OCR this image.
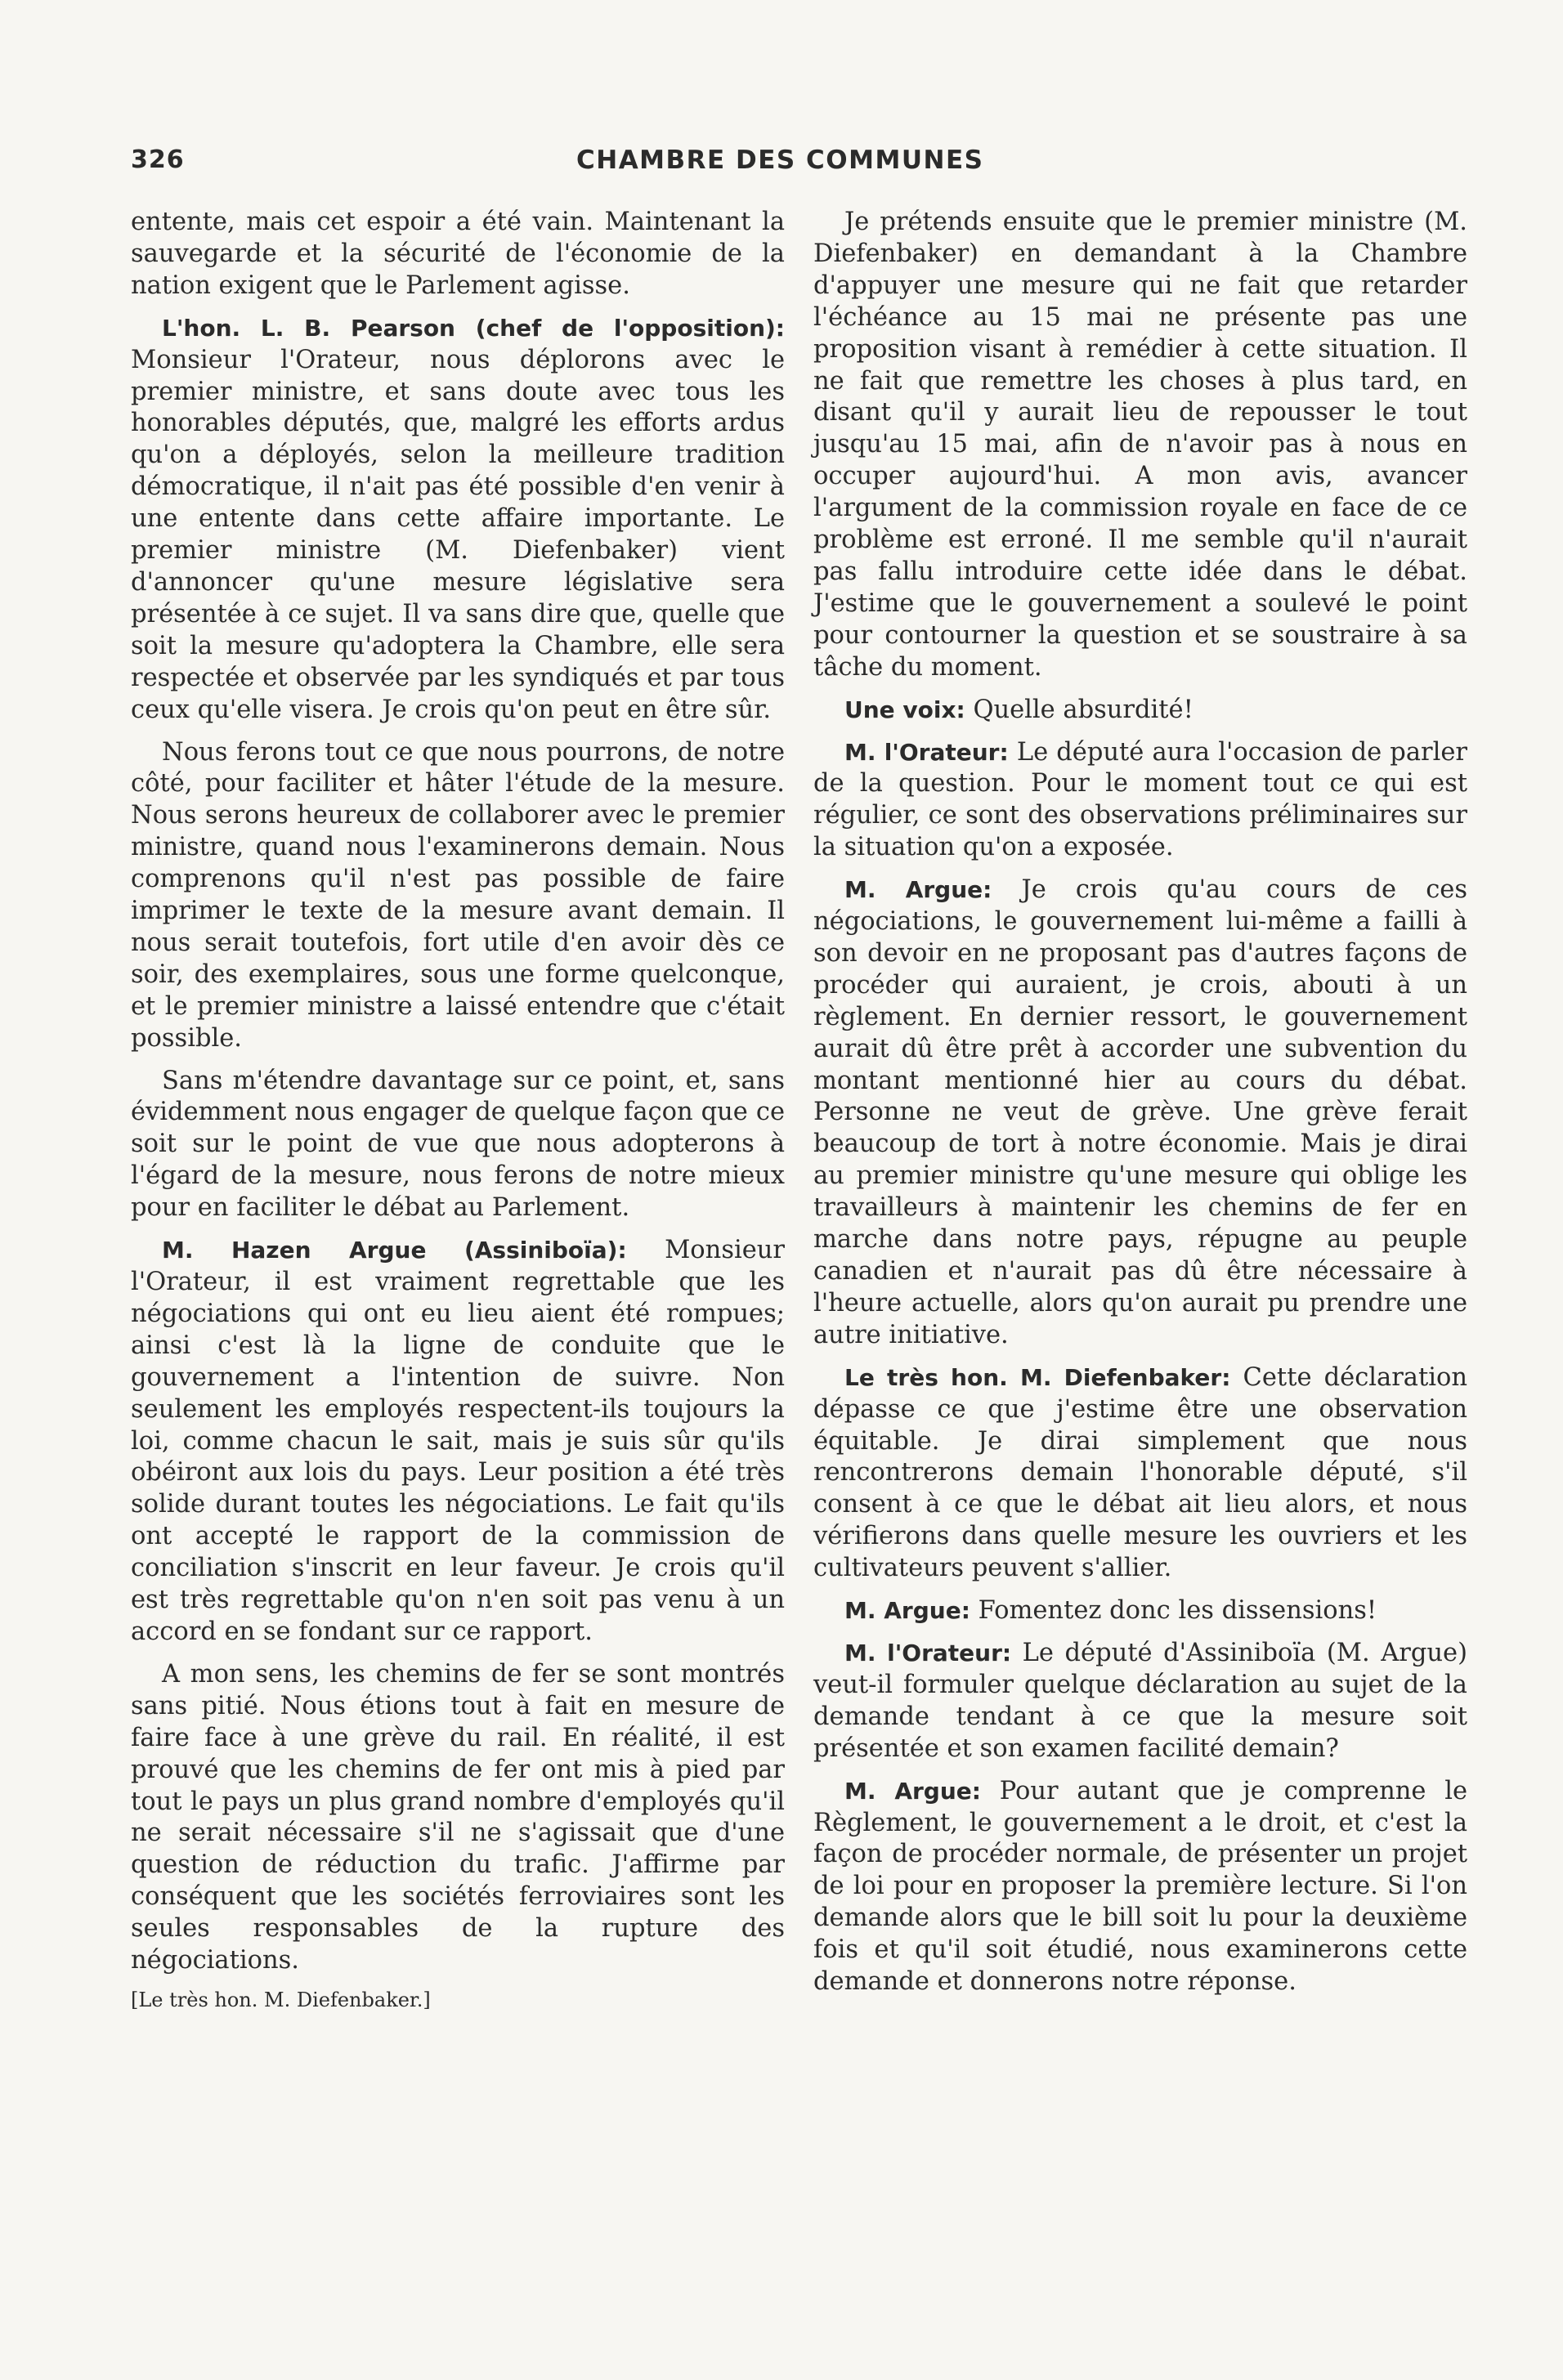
326	CHAMBRE DES COMMUNES

entente, mais cet espoir a été vain. Maintenant la sauvegarde et la sécurité de l'économie de la nation exigent que le Parlement agisse.

L'hon. L. B. Pearson (chef de l'opposition): Monsieur l'Orateur, nous déplorons avec le premier ministre, et sans doute avec tous les honorables députés, que, malgré les efforts ardus qu'on a déployés, selon la meilleure tradition démocratique, il n'ait pas été possible d'en venir à une entente dans cette affaire importante. Le premier ministre (M. Diefenbaker) vient d'annoncer qu'une mesure législative sera présentée à ce sujet. Il va sans dire que, quelle que soit la mesure qu'adoptera la Chambre, elle sera respectée et observée par les syndiqués et par tous ceux qu'elle visera. Je crois qu'on peut en être sûr.

Nous ferons tout ce que nous pourrons, de notre côté, pour faciliter et hâter l'étude de la mesure. Nous serons heureux de collaborer avec le premier ministre, quand nous l'examinerons demain. Nous comprenons qu'il n'est pas possible de faire imprimer le texte de la mesure avant demain. Il nous serait toutefois, fort utile d'en avoir dès ce soir, des exemplaires, sous une forme quelconque, et le premier ministre a laissé entendre que c'était possible.

Sans m'étendre davantage sur ce point, et, sans évidemment nous engager de quelque façon que ce soit sur le point de vue que nous adopterons à l'égard de la mesure, nous ferons de notre mieux pour en faciliter le débat au Parlement.

M. Hazen Argue (Assiniboïa): Monsieur l'Orateur, il est vraiment regrettable que les négociations qui ont eu lieu aient été rompues; ainsi c'est là la ligne de conduite que le gouvernement a l'intention de suivre. Non seulement les employés respectent-ils toujours la loi, comme chacun le sait, mais je suis sûr qu'ils obéiront aux lois du pays. Leur position a été très solide durant toutes les négociations. Le fait qu'ils ont accepté le rapport de la commission de conciliation s'inscrit en leur faveur. Je crois qu'il est très regrettable qu'on n'en soit pas venu à un accord en se fondant sur ce rapport.

A mon sens, les chemins de fer se sont montrés sans pitié. Nous étions tout à fait en mesure de faire face à une grève du rail. En réalité, il est prouvé que les chemins de fer ont mis à pied par tout le pays un plus grand nombre d'employés qu'il ne serait nécessaire s'il ne s'agissait que d'une question de réduction du trafic. J'affirme par conséquent que les sociétés ferroviaires sont les seules responsables de la rupture des négociations.

[Le très hon. M. Diefenbaker.]

Je prétends ensuite que le premier ministre (M. Diefenbaker) en demandant à la Chambre d'appuyer une mesure qui ne fait que retarder l'échéance au 15 mai ne présente pas une proposition visant à remédier à cette situation. Il ne fait que remettre les choses à plus tard, en disant qu'il y aurait lieu de repousser le tout jusqu'au 15 mai, afin de n'avoir pas à nous en occuper aujourd'hui. A mon avis, avancer l'argument de la commission royale en face de ce problème est erroné. Il me semble qu'il n'aurait pas fallu introduire cette idée dans le débat. J'estime que le gouvernement a soulevé le point pour contourner la question et se soustraire à sa tâche du moment.

Une voix: Quelle absurdité!

M. l'Orateur: Le député aura l'occasion de parler de la question. Pour le moment tout ce qui est régulier, ce sont des observations préliminaires sur la situation qu'on a exposée.

M. Argue: Je crois qu'au cours de ces négociations, le gouvernement lui-même a failli à son devoir en ne proposant pas d'autres façons de procéder qui auraient, je crois, abouti à un règlement. En dernier ressort, le gouvernement aurait dû être prêt à accorder une subvention du montant mentionné hier au cours du débat. Personne ne veut de grève. Une grève ferait beaucoup de tort à notre économie. Mais je dirai au premier ministre qu'une mesure qui oblige les travailleurs à maintenir les chemins de fer en marche dans notre pays, répugne au peuple canadien et n'aurait pas dû être nécessaire à l'heure actuelle, alors qu'on aurait pu prendre une autre initiative.

Le très hon. M. Diefenbaker: Cette déclaration dépasse ce que j'estime être une observation équitable. Je dirai simplement que nous rencontrerons demain l'honorable député, s'il consent à ce que le débat ait lieu alors, et nous vérifierons dans quelle mesure les ouvriers et les cultivateurs peuvent s'allier.

M. Argue: Fomentez donc les dissensions!

M. l'Orateur: Le député d'Assiniboïa (M. Argue) veut-il formuler quelque déclaration au sujet de la demande tendant à ce que la mesure soit présentée et son examen facilité demain?

M. Argue: Pour autant que je comprenne le Règlement, le gouvernement a le droit, et c'est la façon de procéder normale, de présenter un projet de loi pour en proposer la première lecture. Si l'on demande alors que le bill soit lu pour la deuxième fois et qu'il soit étudié, nous examinerons cette demande et donnerons notre réponse.
